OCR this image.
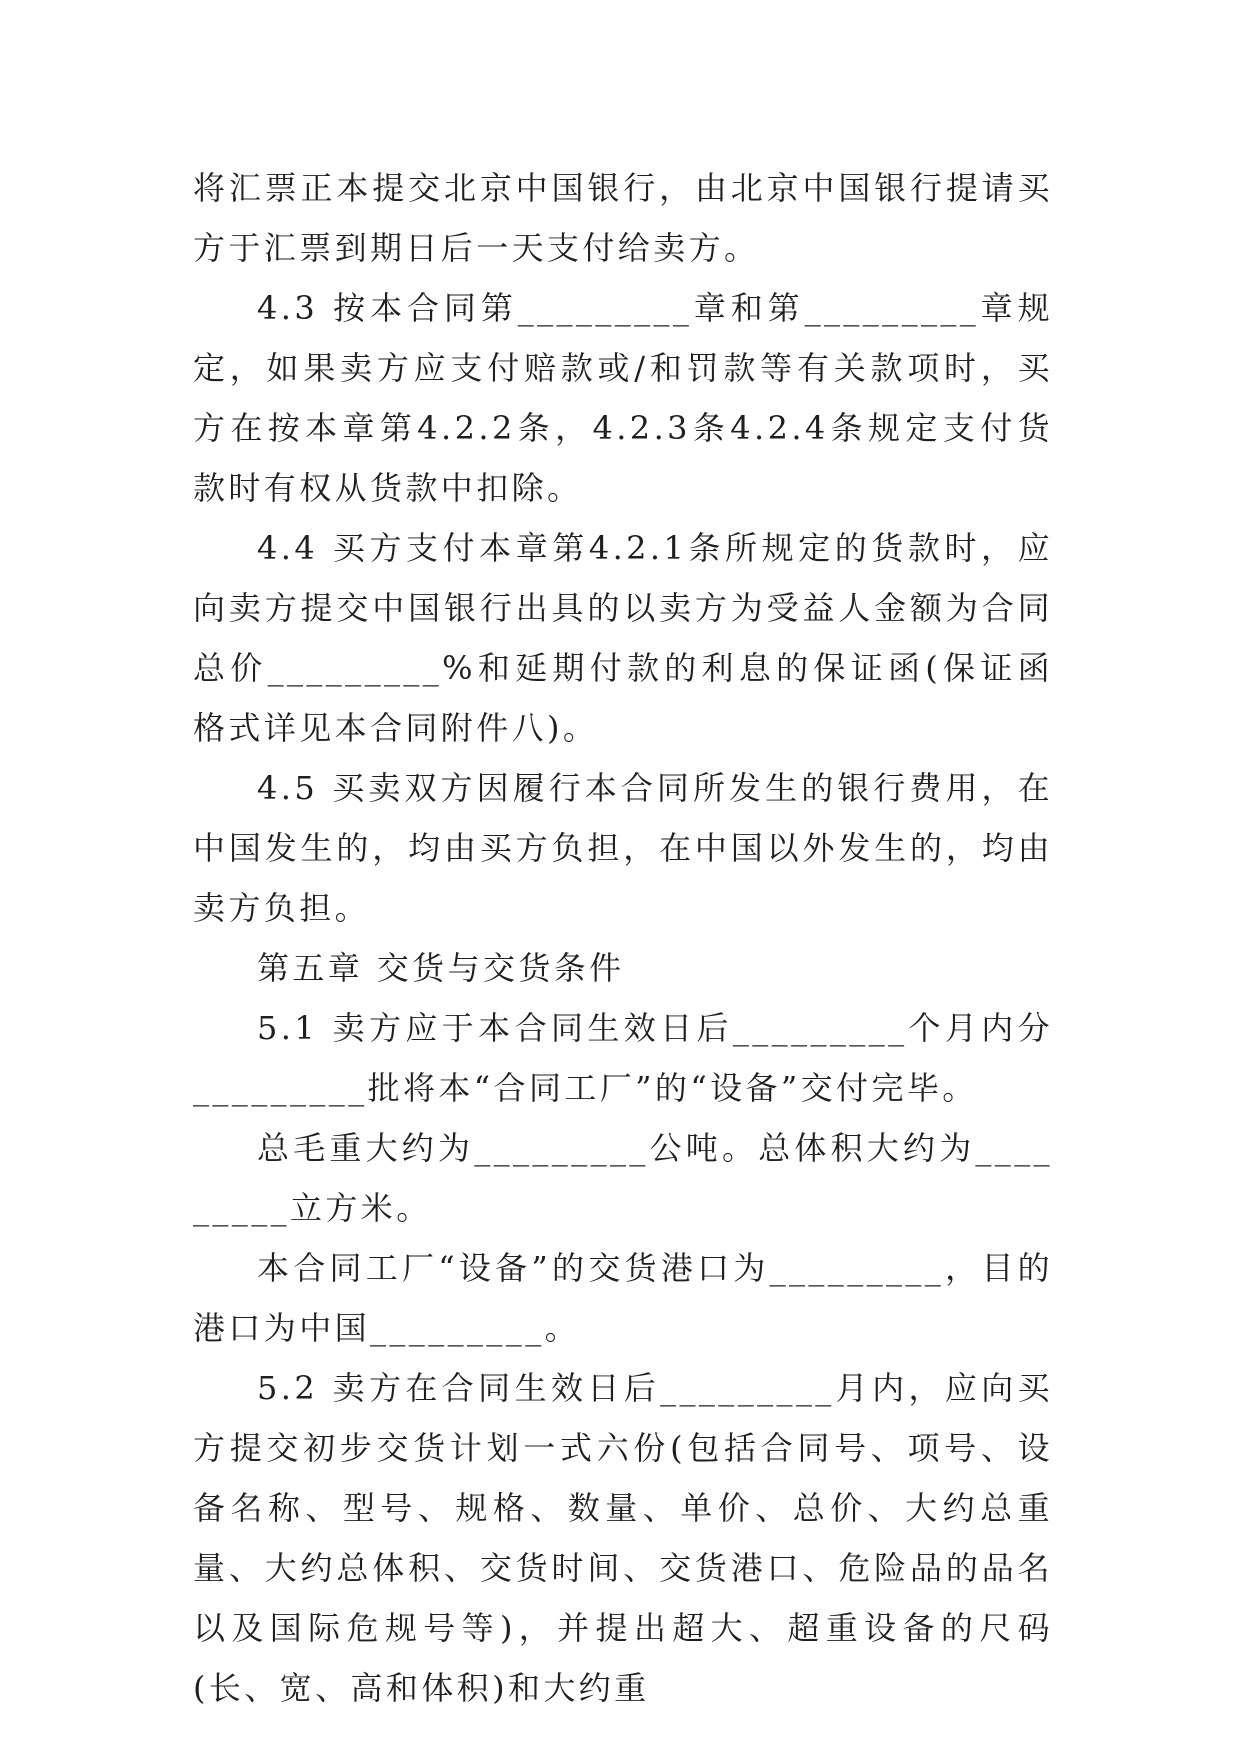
将汇票正本提交北京中国银行，由北京中国银行提请买方于汇票到期日后一天支付给卖方。

4.3 按本合同第_________章和第_________章规定，如果卖方应支付赔款或/和罚款等有关款项时，买方在按本章第4.2.2条，4.2.3条4.2.4条规定支付货款时有权从货款中扣除。

4.4 买方支付本章第4.2.1条所规定的货款时，应向卖方提交中国银行出具的以卖方为受益人金额为合同总价_________%和延期付款的利息的保证函(保证函格式详见本合同附件八)。

4.5 买卖双方因履行本合同所发生的银行费用，在中国发生的，均由买方负担，在中国以外发生的，均由卖方负担。

第五章 交货与交货条件

5.1 卖方应于本合同生效日后_________个月内分_________批将本“合同工厂”的“设备”交付完毕。

总毛重大约为_________公吨。总体积大约为_________立方米。

本合同工厂“设备”的交货港口为_________，目的港口为中国_________。

5.2 卖方在合同生效日后_________月内，应向买方提交初步交货计划一式六份(包括合同号、项号、设备名称、型号、规格、数量、单价、总价、大约总重量、大约总体积、交货时间、交货港口、危险品的品名以及国际危规号等)，并提出超大、超重设备的尺码(长、宽、高和体积)和大约重
